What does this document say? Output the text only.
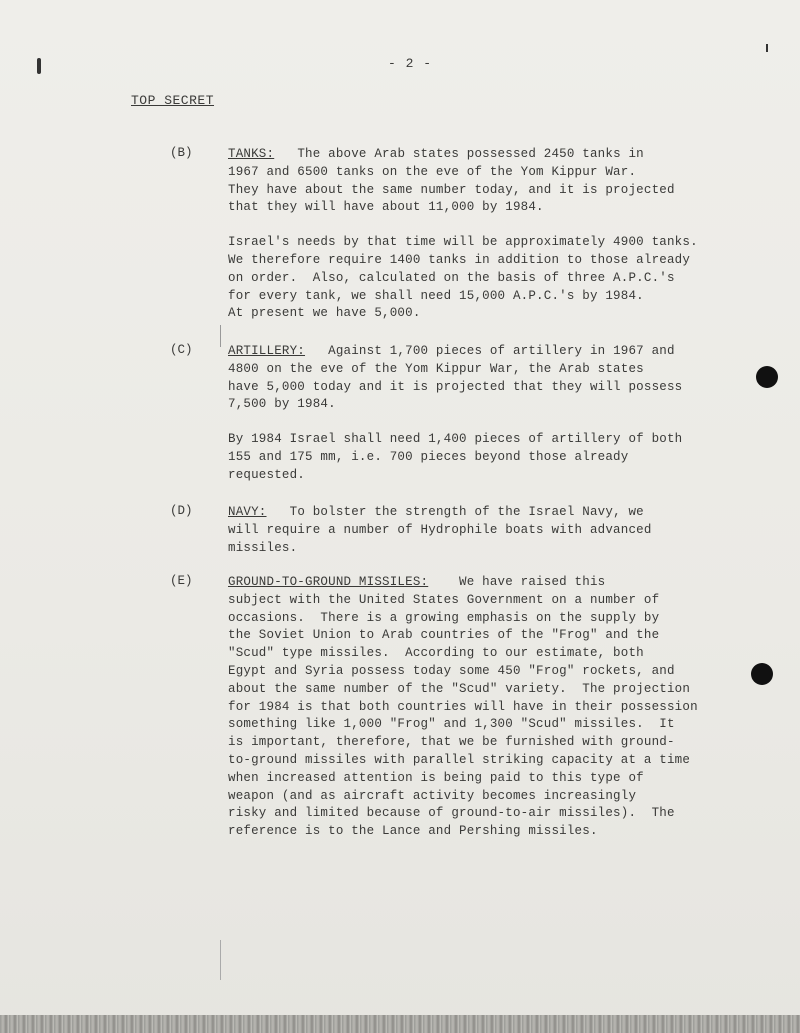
- 2 -
TOP SECRET
(B)	TANKS:   The above Arab states possessed 2450 tanks in
1967 and 6500 tanks on the eve of the Yom Kippur War.
They have about the same number today, and it is projected
that they will have about 11,000 by 1984.

Israel's needs by that time will be approximately 4900 tanks.
We therefore require 1400 tanks in addition to those already
on order.  Also, calculated on the basis of three A.P.C.'s
for every tank, we shall need 15,000 A.P.C.'s by 1984.
At present we have 5,000.

(C)	ARTILLERY:   Against 1,700 pieces of artillery in 1967 and
4800 on the eve of the Yom Kippur War, the Arab states
have 5,000 today and it is projected that they will possess
7,500 by 1984.

By 1984 Israel shall need 1,400 pieces of artillery of both
155 and 175 mm, i.e. 700 pieces beyond those already
requested.

(D)	NAVY:   To bolster the strength of the Israel Navy, we
will require a number of Hydrophile boats with advanced
missiles.

(E)	GROUND-TO-GROUND MISSILES:    We have raised this
subject with the United States Government on a number of
occasions.  There is a growing emphasis on the supply by
the Soviet Union to Arab countries of the "Frog" and the
"Scud" type missiles.  According to our estimate, both
Egypt and Syria possess today some 450 "Frog" rockets, and
about the same number of the "Scud" variety.  The projection
for 1984 is that both countries will have in their possession
something like 1,000 "Frog" and 1,300 "Scud" missiles.  It
is important, therefore, that we be furnished with ground-
to-ground missiles with parallel striking capacity at a time
when increased attention is being paid to this type of
weapon (and as aircraft activity becomes increasingly
risky and limited because of ground-to-air missiles).  The
reference is to the Lance and Pershing missiles.
